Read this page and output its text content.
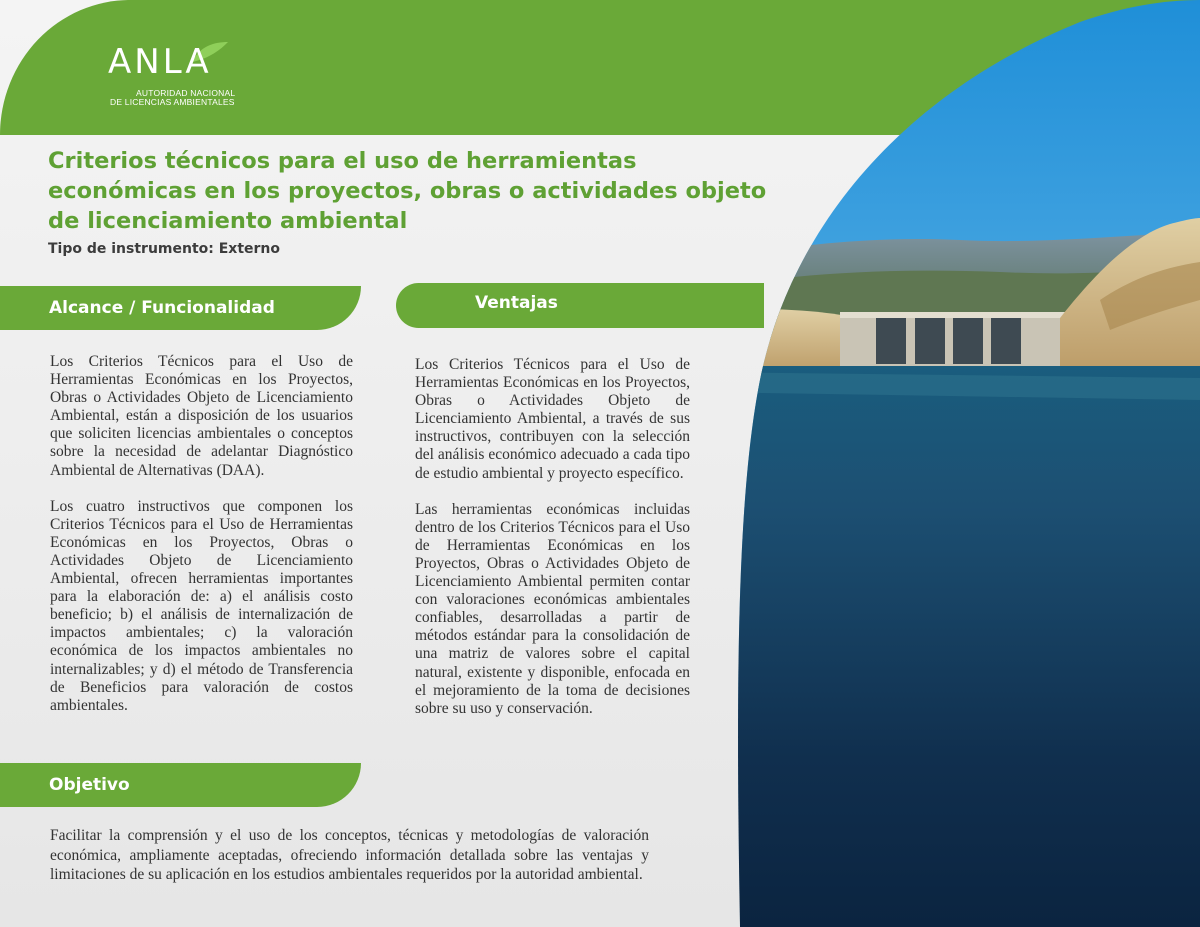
ANLA
AUTORIDAD NACIONAL
DE LICENCIAS AMBIENTALES
Criterios técnicos para el uso de herramientas económicas en los proyectos, obras o actividades objeto de licenciamiento ambiental
Tipo de instrumento: Externo
Alcance / Funcionalidad	Ventajas

Los Criterios Técnicos para el Uso de Herramientas Económicas en los Proyectos, Obras o Actividades Objeto de Licenciamiento Ambiental, están a disposición de los usuarios que soliciten licencias ambientales o conceptos sobre la necesidad de adelantar Diagnóstico Ambiental de Alternativas (DAA).

Los cuatro instructivos que componen los Criterios Técnicos para el Uso de Herramientas Económicas en los Proyectos, Obras o Actividades Objeto de Licenciamiento Ambiental, ofrecen herramientas importantes para la elaboración de: a) el análisis costo beneficio; b) el análisis de internalización de impactos ambientales; c) la valoración económica de los impactos ambientales no internalizables; y d) el método de Transferencia de Beneficios para valoración de costos ambientales.

Los Criterios Técnicos para el Uso de Herramientas Económicas en los Proyectos, Obras o Actividades Objeto de Licenciamiento Ambiental, a través de sus instructivos, contribuyen con la selección del análisis económico adecuado a cada tipo de estudio ambiental y proyecto específico.

Las herramientas económicas incluidas dentro de los Criterios Técnicos para el Uso de Herramientas Económicas en los Proyectos, Obras o Actividades Objeto de Licenciamiento Ambiental permiten contar con valoraciones económicas ambientales confiables, desarrolladas a partir de métodos estándar para la consolidación de una matriz de valores sobre el capital natural, existente y disponible, enfocada en el mejoramiento de la toma de decisiones sobre su uso y conservación.

Objetivo

Facilitar la comprensión y el uso de los conceptos, técnicas y metodologías de valoración económica, ampliamente aceptadas, ofreciendo información detallada sobre las ventajas y limitaciones de su aplicación en los estudios ambientales requeridos por la autoridad ambiental.
